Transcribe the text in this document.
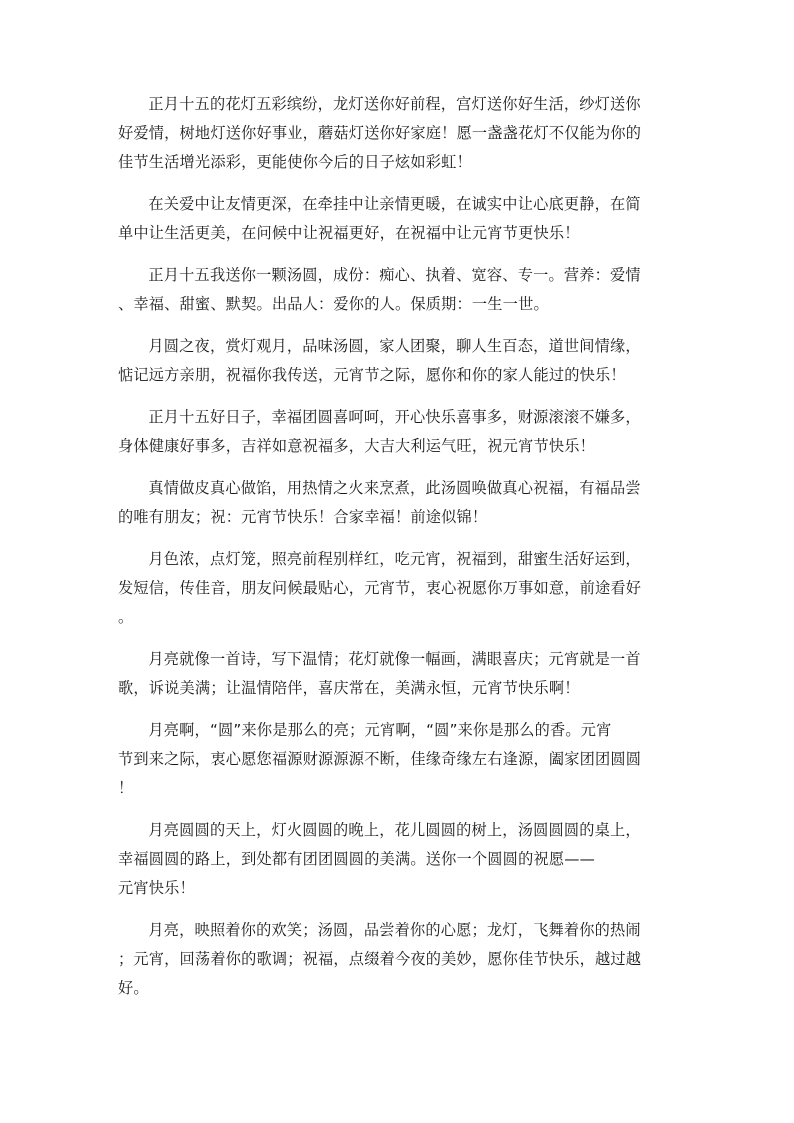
正月十五的花灯五彩缤纷，龙灯送你好前程，宫灯送你好生活，纱灯送你
好爱情，树地灯送你好事业，蘑菇灯送你好家庭！愿一盏盏花灯不仅能为你的
佳节生活增光添彩，更能使你今后的日子炫如彩虹！

在关爱中让友情更深，在牵挂中让亲情更暖，在诚实中让心底更静，在简
单中让生活更美，在问候中让祝福更好，在祝福中让元宵节更快乐！

正月十五我送你一颗汤圆，成份：痴心、执着、宽容、专一。营养：爱情
、幸福、甜蜜、默契。出品人：爱你的人。保质期：一生一世。

月圆之夜，赏灯观月，品味汤圆，家人团聚，聊人生百态，道世间情缘，
惦记远方亲朋，祝福你我传送，元宵节之际，愿你和你的家人能过的快乐！

正月十五好日子，幸福团圆喜呵呵，开心快乐喜事多，财源滚滚不嫌多，
身体健康好事多，吉祥如意祝福多，大吉大利运气旺，祝元宵节快乐！

真情做皮真心做馅，用热情之火来烹煮，此汤圆唤做真心祝福，有福品尝
的唯有朋友；祝：元宵节快乐！合家幸福！前途似锦！

月色浓，点灯笼，照亮前程别样红，吃元宵，祝福到，甜蜜生活好运到，
发短信，传佳音，朋友问候最贴心，元宵节，衷心祝愿你万事如意，前途看好
。

月亮就像一首诗，写下温情；花灯就像一幅画，满眼喜庆；元宵就是一首
歌，诉说美满；让温情陪伴，喜庆常在，美满永恒，元宵节快乐啊！

月亮啊，“圆”来你是那么的亮；元宵啊，“圆”来你是那么的香。元宵
节到来之际，衷心愿您福源财源源源不断，佳缘奇缘左右逢源，阖家团团圆圆
！

月亮圆圆的天上，灯火圆圆的晚上，花儿圆圆的树上，汤圆圆圆的桌上，
幸福圆圆的路上，到处都有团团圆圆的美满。送你一个圆圆的祝愿——
元宵快乐！

月亮，映照着你的欢笑；汤圆，品尝着你的心愿；龙灯，飞舞着你的热闹
；元宵，回荡着你的歌调；祝福，点缀着今夜的美妙，愿你佳节快乐，越过越
好。
